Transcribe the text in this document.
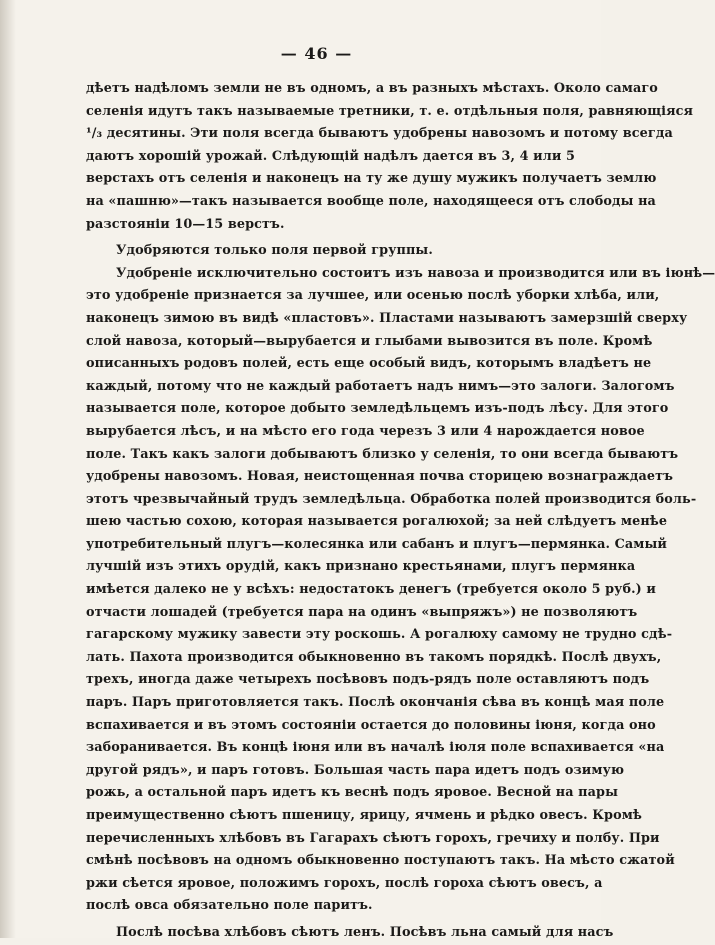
— 46 —
дѣетъ надѣломъ земли не въ одномъ, а въ разныхъ мѣстахъ. Около самаго
селенія идутъ такъ называемые третники, т. е. отдѣльныя поля, равняющіяся
¹/₃ десятины. Эти поля всегда бываютъ удобрены навозомъ и потому всегда
даютъ хорошій урожай. Слѣдующій надѣлъ дается въ 3, 4 или 5
верстахъ отъ селенія и наконецъ на ту же душу мужикъ получаетъ землю
на «пашню»—такъ называется вообще поле, находящееся отъ слободы на
разстояніи 10—15 верстъ.
Удобряются только поля первой группы.
Удобреніе исключительно состоитъ изъ навоза и производится или въ іюнѣ—
это удобреніе признается за лучшее, или осенью послѣ уборки хлѣба, или,
наконецъ зимою въ видѣ «пластовъ». Пластами называютъ замерзшій сверху
слой навоза, который—вырубается и глыбами вывозится въ поле. Кромѣ
описанныхъ родовъ полей, есть еще особый видъ, которымъ владѣетъ не
каждый, потому что не каждый работаетъ надъ нимъ—это залоги. Залогомъ
называется поле, которое добыто земледѣльцемъ изъ-подъ лѣсу. Для этого
вырубается лѣсъ, и на мѣсто его года черезъ 3 или 4 нарождается новое
поле. Такъ какъ залоги добываютъ близко у селенія, то они всегда бываютъ
удобрены навозомъ. Новая, неистощенная почва сторицею вознаграждаетъ
этотъ чрезвычайный трудъ земледѣльца. Обработка полей производится боль-
шею частью сохою, которая называется рогалюхой; за ней слѣдуетъ менѣе
употребительный плугъ—колесянка или сабанъ и плугъ—пермянка. Самый
лучшій изъ этихъ орудій, какъ признано крестьянами, плугъ пермянка
имѣется далеко не у всѣхъ: недостатокъ денегъ (требуется около 5 руб.) и
отчасти лошадей (требуется пара на одинъ «выпряжъ») не позволяютъ
гагарскому мужику завести эту роскошь. А рогалюху самому не трудно сдѣ-
лать. Пахота производится обыкновенно въ такомъ порядкѣ. Послѣ двухъ,
трехъ, иногда даже четырехъ посѣвовъ подъ-рядъ поле оставляютъ подъ
паръ. Паръ приготовляется такъ. Послѣ окончанія сѣва въ концѣ мая поле
вспахивается и въ этомъ состояніи остается до половины іюня, когда оно
заборанивается. Въ концѣ іюня или въ началѣ іюля поле вспахивается «на
другой рядъ», и паръ готовъ. Большая часть пара идетъ подъ озимую
рожь, а остальной паръ идетъ къ веснѣ подъ яровое. Весной на пары
преимущественно сѣютъ пшеницу, ярицу, ячмень и рѣдко овесъ. Кромѣ
перечисленныхъ хлѣбовъ въ Гагарахъ сѣютъ горохъ, гречиху и полбу. При
смѣнѣ посѣвовъ на одномъ обыкновенно поступаютъ такъ. На мѣсто сжатой
ржи сѣется яровое, положимъ горохъ, послѣ гороха сѣютъ овесъ, а
послѣ овса обязательно поле паритъ.
Послѣ посѣва хлѣбовъ сѣютъ ленъ. Посѣвъ льна самый для насъ
